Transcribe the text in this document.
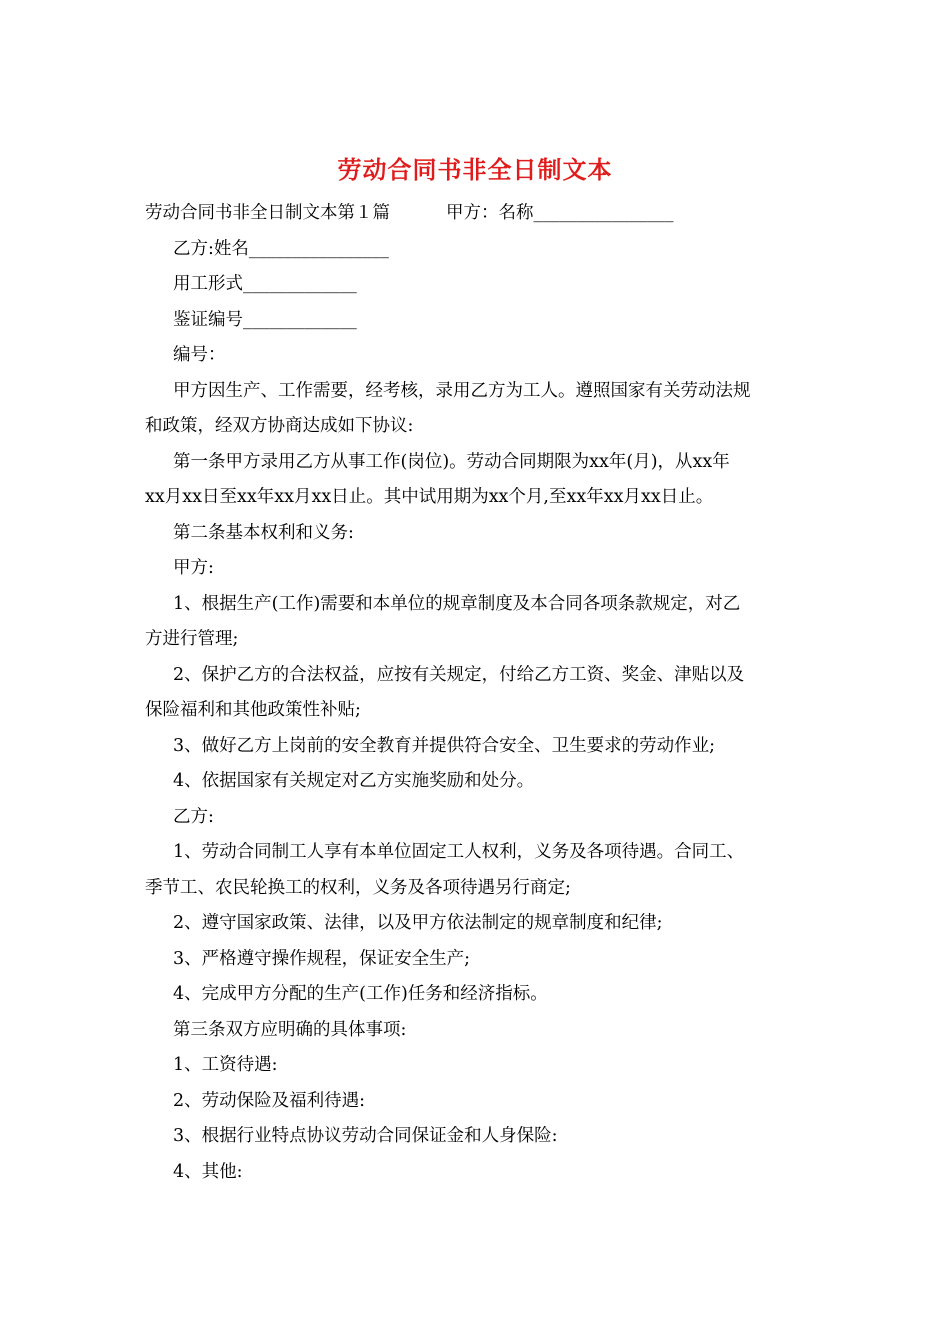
劳动合同书非全日制文本

劳动合同书非全日制文本第１篇	甲方：名称________________

乙方:姓名________________

用工形式_____________

鉴证编号_____________

编号：

甲方因生产、工作需要，经考核，录用乙方为工人。遵照国家有关劳动法规

和政策，经双方协商达成如下协议:

第一条甲方录用乙方从事工作(岗位)。劳动合同期限为xx年(月)，从xx年

xx月xx日至xx年xx月xx日止。其中试用期为xx个月,至xx年xx月xx日止。

第二条基本权利和义务:

甲方:

1、根据生产(工作)需要和本单位的规章制度及本合同各项条款规定，对乙

方进行管理;

2、保护乙方的合法权益，应按有关规定，付给乙方工资、奖金、津贴以及

保险福利和其他政策性补贴;

3、做好乙方上岗前的安全教育并提供符合安全、卫生要求的劳动作业;

4、依据国家有关规定对乙方实施奖励和处分。

乙方:

1、劳动合同制工人享有本单位固定工人权利，义务及各项待遇。合同工、

季节工、农民轮换工的权利，义务及各项待遇另行商定;

2、遵守国家政策、法律，以及甲方依法制定的规章制度和纪律;

3、严格遵守操作规程，保证安全生产;

4、完成甲方分配的生产(工作)任务和经济指标。

第三条双方应明确的具体事项:

1、工资待遇:

2、劳动保险及福利待遇:

3、根据行业特点协议劳动合同保证金和人身保险:

4、其他:
